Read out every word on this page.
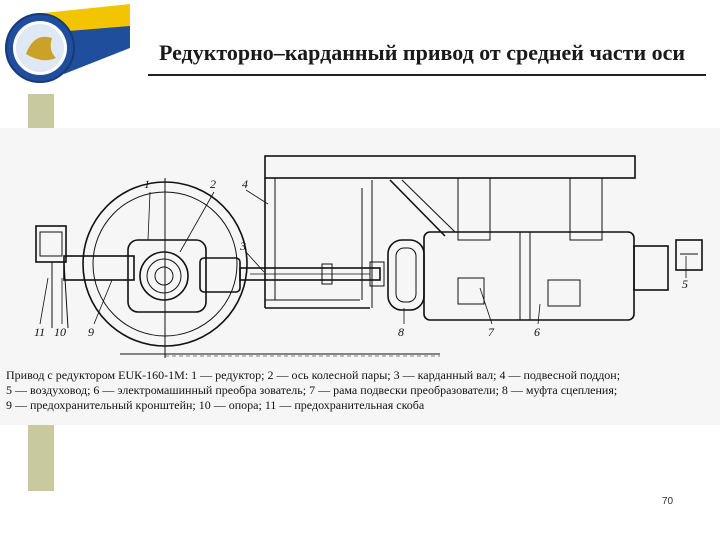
Редукторно–карданный привод от средней части оси
1	2 4
3
5
11 10 9	8	7	6
Привод с редуктором ЕUК-160-1М: 1 — редуктор; 2 — ось колесной пары; 3 — карданный вал; 4 — подвесной поддон;
5 — воздуховод; 6 — электромашинный преобра зователь; 7 — рама подвески преобразователи; 8 — муфта сцепления;
9 — предохранительный кронштейн; 10 — опора; 11 — предохранительная скоба
70
